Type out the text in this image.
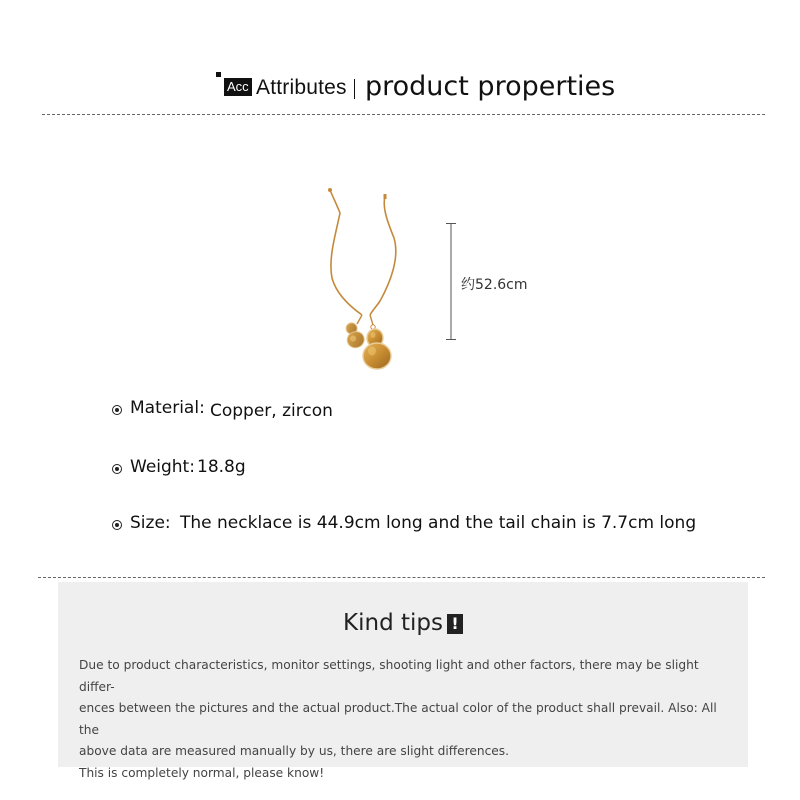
Acc Attributes product properties
约52.6cm
Material: Copper, zircon
Weight: 18.8g
Size: The necklace is 44.9cm long and the tail chain is 7.7cm long
Kind tips !

Due to product characteristics, monitor settings, shooting light and other factors, there may be slight differ-

ences between the pictures and the actual product.The actual color of the product shall prevail. Also: All the

above data are measured manually by us, there are slight differences.

This is completely normal, please know!
